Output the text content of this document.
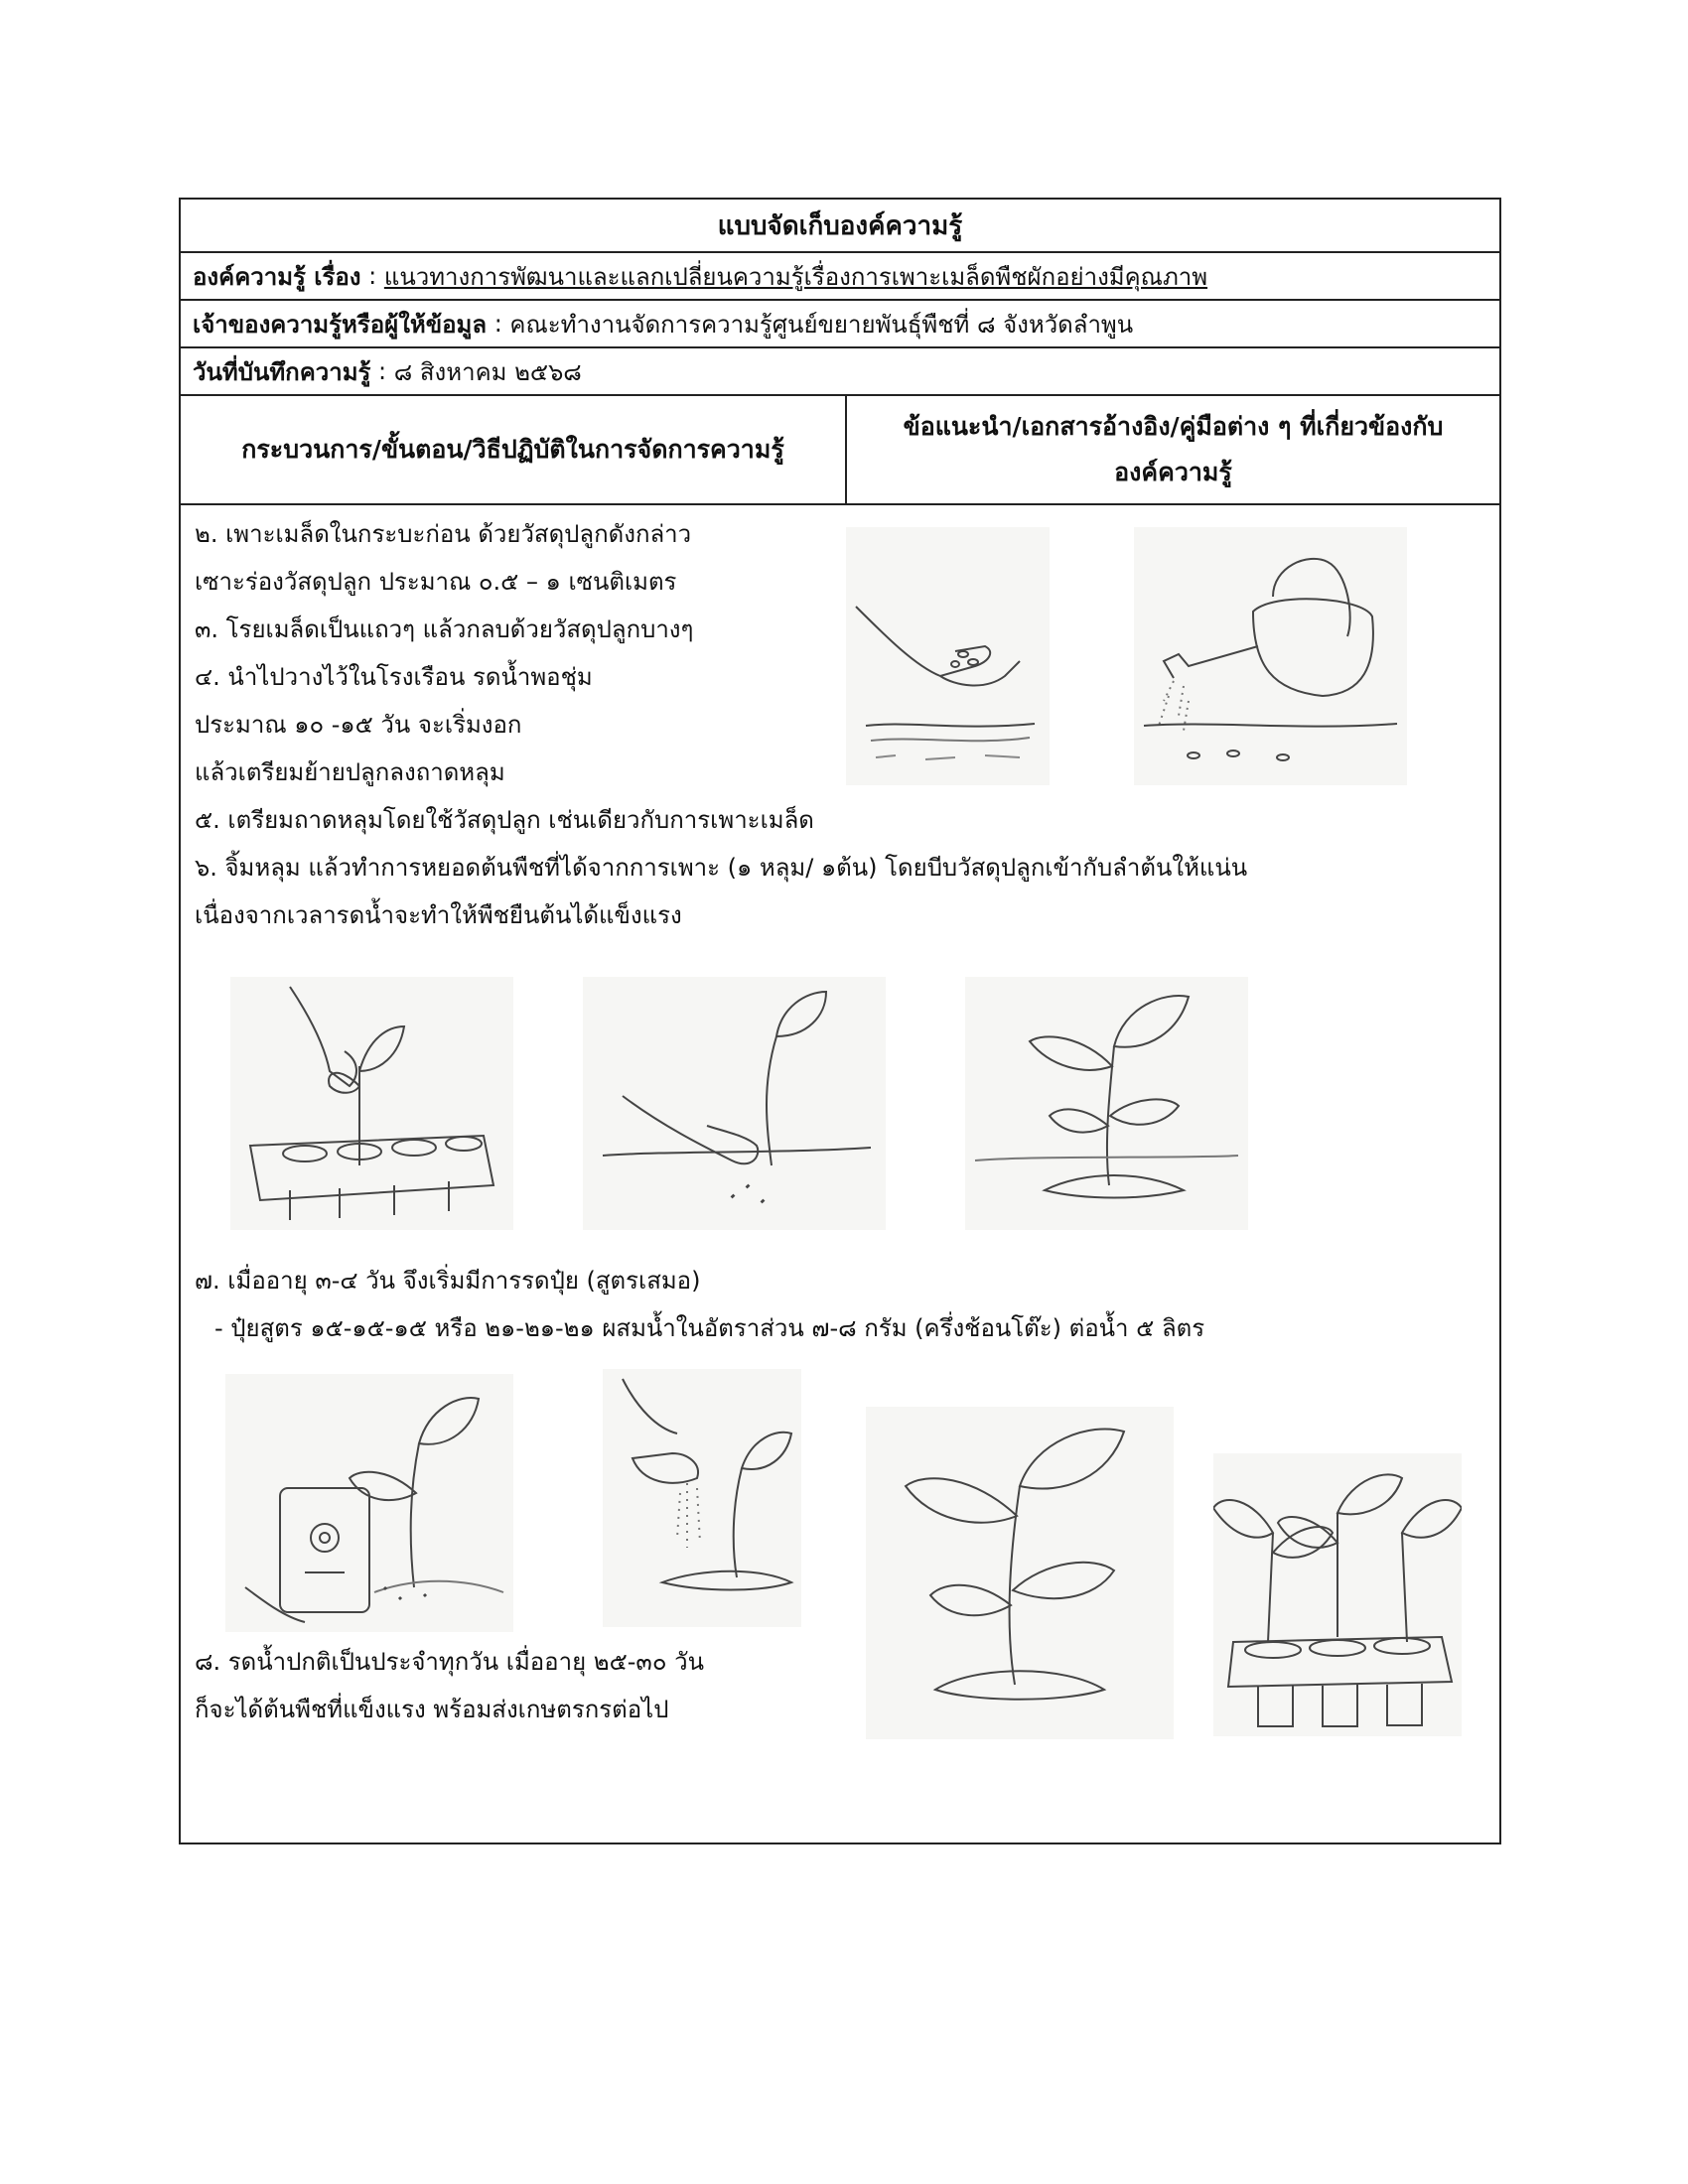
แบบจัดเก็บองค์ความรู้
องค์ความรู้ เรื่อง : แนวทางการพัฒนาและแลกเปลี่ยนความรู้เรื่องการเพาะเมล็ดพืชผักอย่างมีคุณภาพ
เจ้าของความรู้หรือผู้ให้ข้อมูล : คณะทำงานจัดการความรู้ศูนย์ขยายพันธุ์พืชที่ ๘ จังหวัดลำพูน
วันที่บันทึกความรู้ : ๘ สิงหาคม ๒๕๖๘
กระบวนการ/ขั้นตอน/วิธีปฏิบัติในการจัดการความรู้
ข้อแนะนำ/เอกสารอ้างอิง/คู่มือต่าง ๆ ที่เกี่ยวข้องกับ
องค์ความรู้
๒. เพาะเมล็ดในกระบะก่อน ด้วยวัสดุปลูกดังกล่าว
เซาะร่องวัสดุปลูก ประมาณ ๐.๕ – ๑ เซนติเมตร
๓. โรยเมล็ดเป็นแถวๆ แล้วกลบด้วยวัสดุปลูกบางๆ
๔. นำไปวางไว้ในโรงเรือน รดน้ำพอชุ่ม
ประมาณ ๑๐ -๑๕ วัน จะเริ่มงอก
แล้วเตรียมย้ายปลูกลงถาดหลุม
๕. เตรียมถาดหลุมโดยใช้วัสดุปลูก เช่นเดียวกับการเพาะเมล็ด
๖. จิ้มหลุม แล้วทำการหยอดต้นพืชที่ได้จากการเพาะ (๑ หลุม/ ๑ต้น) โดยบีบวัสดุปลูกเข้ากับลำต้นให้แน่น
เนื่องจากเวลารดน้ำจะทำให้พืชยืนต้นได้แข็งแรง
๗. เมื่ออายุ ๓-๔ วัน จึงเริ่มมีการรดปุ๋ย (สูตรเสมอ)
- ปุ๋ยสูตร ๑๕-๑๕-๑๕ หรือ ๒๑-๒๑-๒๑ ผสมน้ำในอัตราส่วน ๗-๘ กรัม (ครึ่งช้อนโต๊ะ) ต่อน้ำ ๕ ลิตร
๘. รดน้ำปกติเป็นประจำทุกวัน เมื่ออายุ ๒๕-๓๐ วัน
ก็จะได้ต้นพืชที่แข็งแรง พร้อมส่งเกษตรกรต่อไป
